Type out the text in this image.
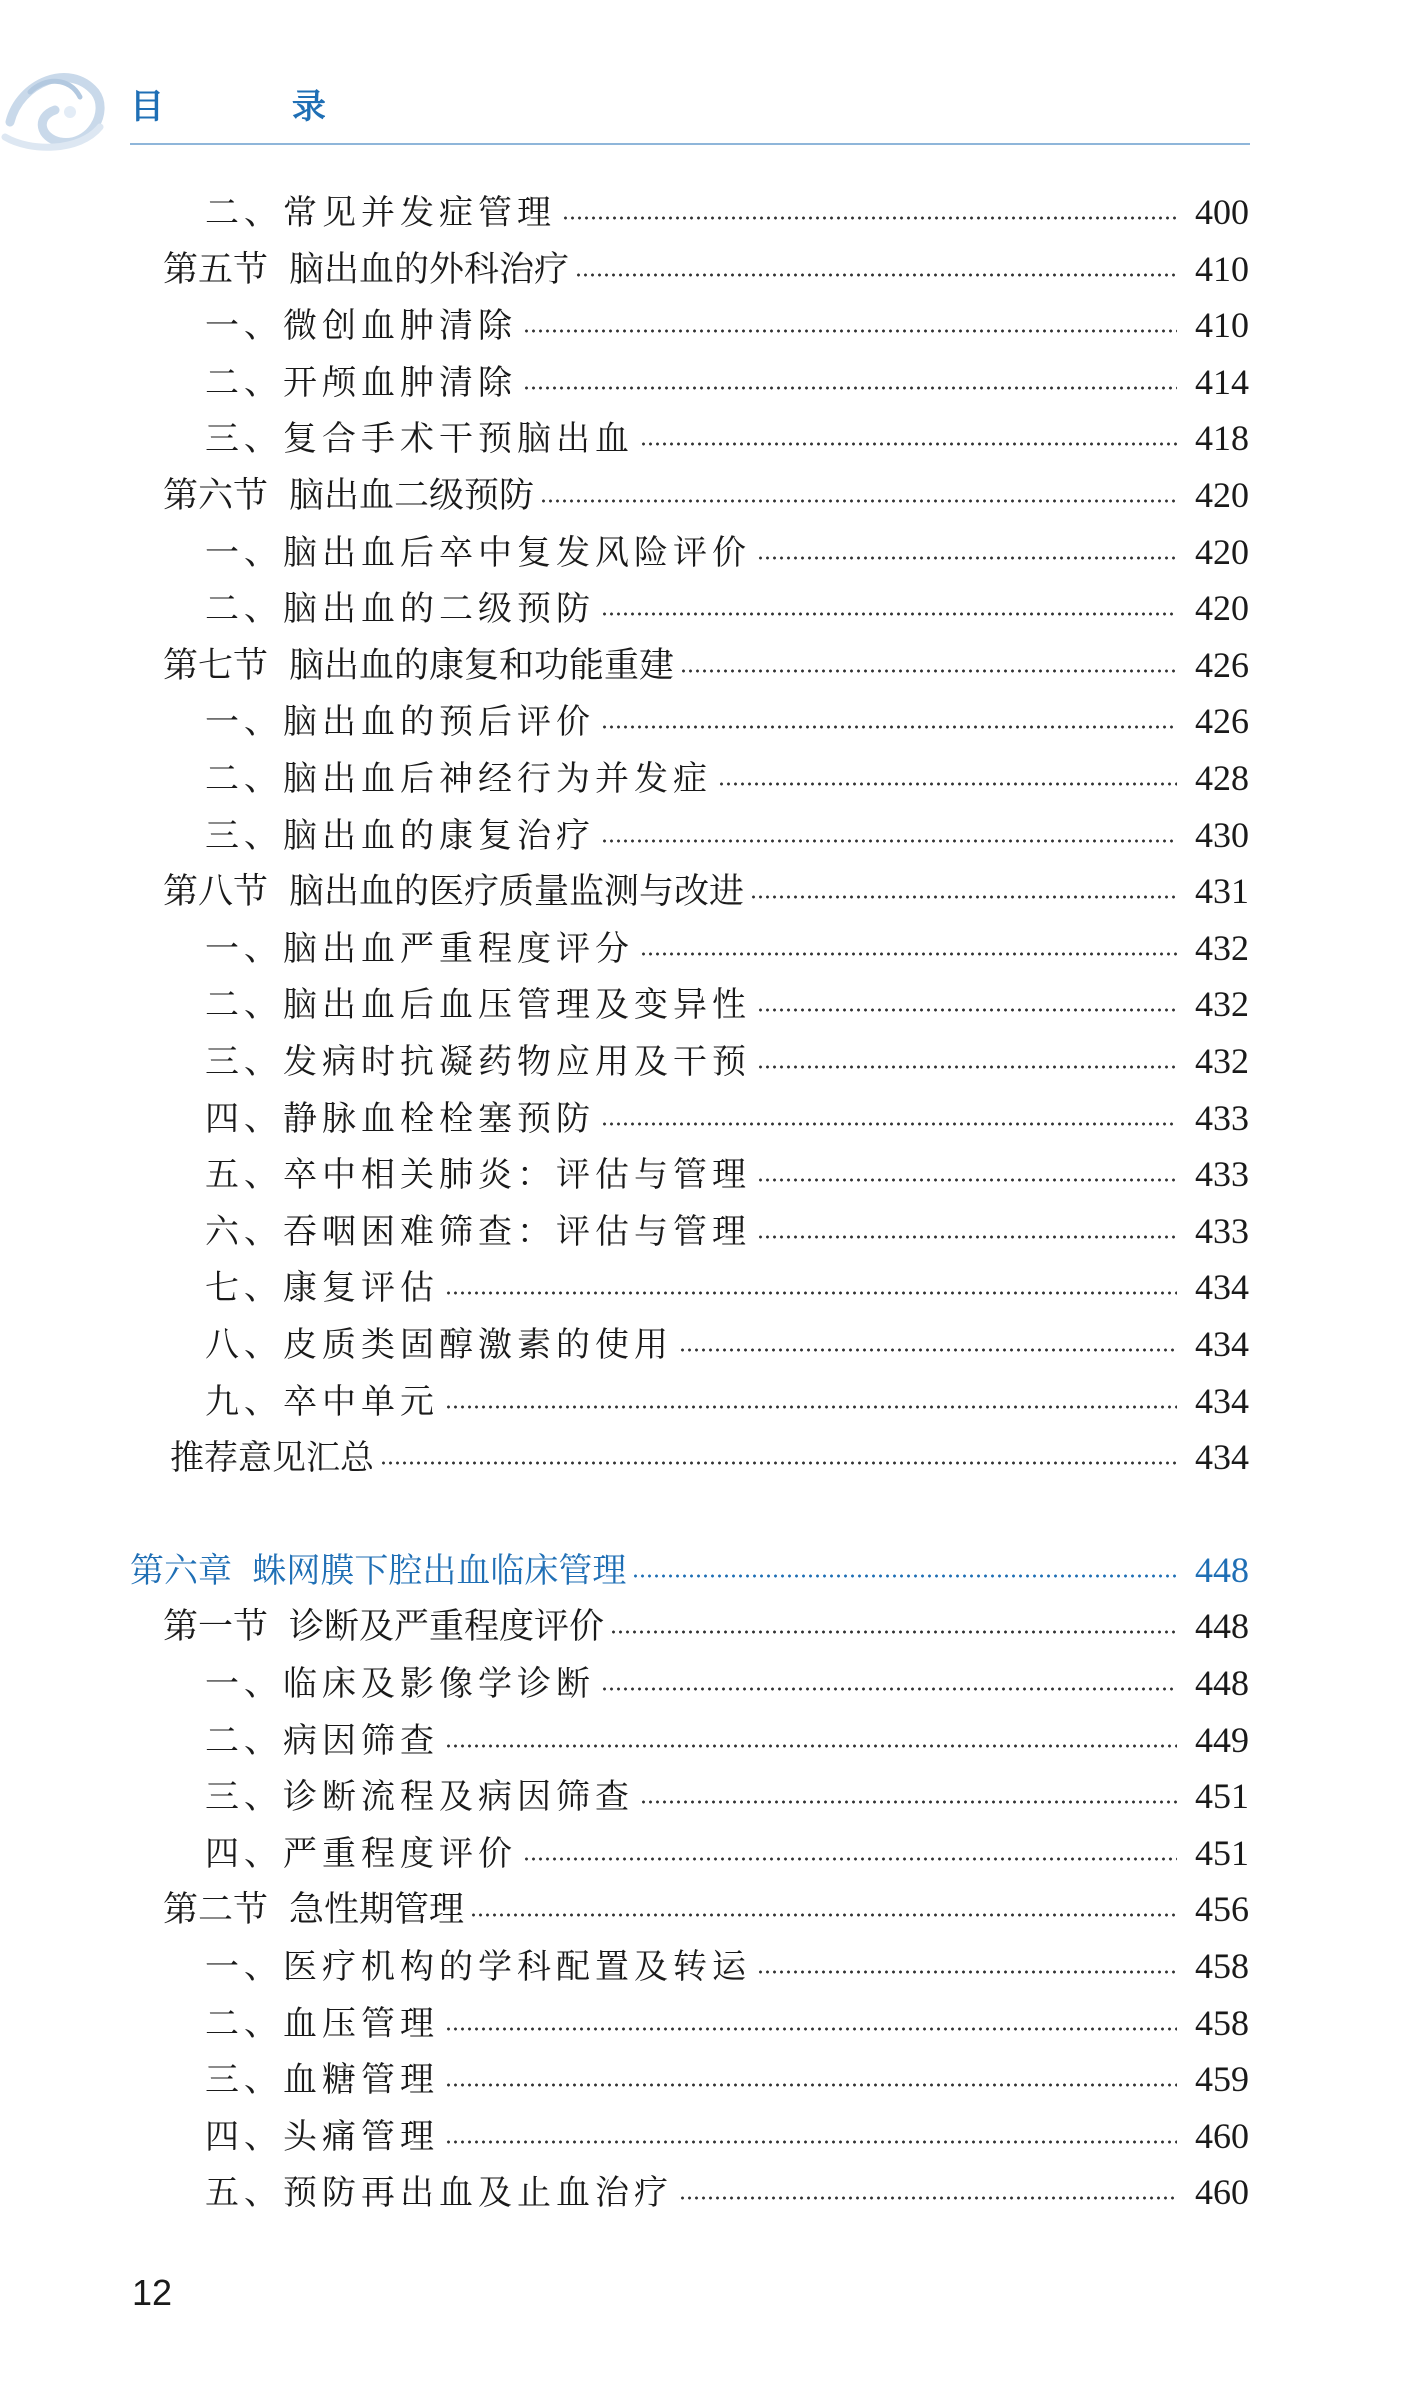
目 录
二、常见并发症管理	400
第五节 脑出血的外科治疗	410
一、微创血肿清除	410
二、开颅血肿清除	414
三、复合手术干预脑出血	418
第六节 脑出血二级预防	420
一、脑出血后卒中复发风险评价	420
二、脑出血的二级预防	420
第七节 脑出血的康复和功能重建	426
一、脑出血的预后评价	426
二、脑出血后神经行为并发症	428
三、脑出血的康复治疗	430
第八节 脑出血的医疗质量监测与改进	431
一、脑出血严重程度评分	432
二、脑出血后血压管理及变异性	432
三、发病时抗凝药物应用及干预	432
四、静脉血栓栓塞预防	433
五、卒中相关肺炎：评估与管理	433
六、吞咽困难筛查：评估与管理	433
七、康复评估	434
八、皮质类固醇激素的使用	434
九、卒中单元	434
推荐意见汇总	434
第六章 蛛网膜下腔出血临床管理	448
第一节 诊断及严重程度评价	448
一、临床及影像学诊断	448
二、病因筛查	449
三、诊断流程及病因筛查	451
四、严重程度评价	451
第二节 急性期管理	456
一、医疗机构的学科配置及转运	458
二、血压管理	458
三、血糖管理	459
四、头痛管理	460
五、预防再出血及止血治疗	460
12
